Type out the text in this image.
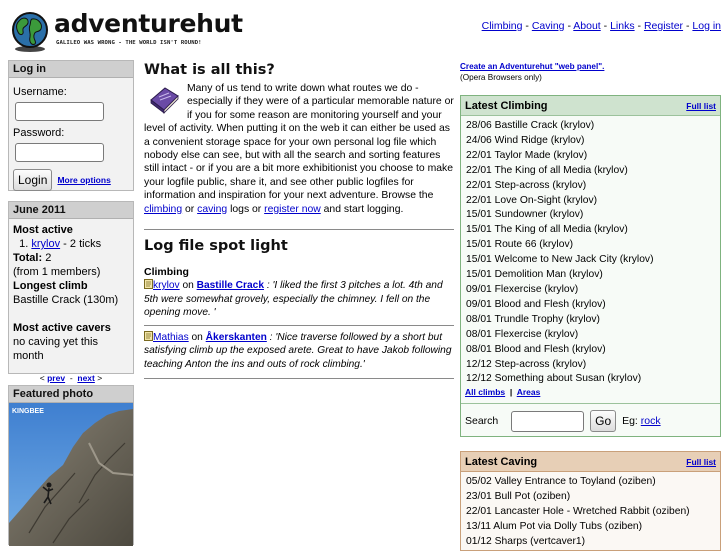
adventurehut
GALILEO WAS WRONG - THE WORLD ISN'T ROUND!
Climbing - Caving - About - Links - Register - Log in
Log in
Username:
Password:
Login More options
June 2011
Most active
1. krylov - 2 ticks
Total: 2
(from 1 members)
Longest climb
Bastille Crack (130m)
Most active cavers
no caving yet this month
< prev - next >
Featured photo
KINGBEE
What is all this?
Many of us tend to write down what routes we do - especially if they were of a particular memorable nature or if you for some reason are monitoring yourself and your level of activity. When putting it on the web it can either be used as a convenient storage space for your own personal log file which nobody else can see, but with all the search and sorting features still intact - or if you are a bit more exhibitionist you choose to make your logfile public, share it, and see other public logfiles for information and inspiration for your next adventure. Browse the climbing or caving logs or register now and start logging.
Log file spot light
Climbing
krylov on Bastille Crack : 'I liked the first 3 pitches a lot. 4th and 5th were somewhat grovely, especially the chimney. I fell on the opening move. '
Mathias on Åkerskanten : 'Nice traverse followed by a short but satisfying climb up the exposed arete. Great to have Jakob following teaching Anton the ins and outs of rock climbing.'
Create an Adventurehut "web panel".
(Opera Browsers only)
Latest Climbing	Full list
28/06 Bastille Crack (krylov)
24/06 Wind Ridge (krylov)
22/01 Taylor Made (krylov)
22/01 The King of all Media (krylov)
22/01 Step-across (krylov)
22/01 Love On-Sight (krylov)
15/01 Sundowner (krylov)
15/01 The King of all Media (krylov)
15/01 Route 66 (krylov)
15/01 Welcome to New Jack City (krylov)
15/01 Demolition Man (krylov)
09/01 Flexercise (krylov)
09/01 Blood and Flesh (krylov)
08/01 Trundle Trophy (krylov)
08/01 Flexercise (krylov)
08/01 Blood and Flesh (krylov)
12/12 Step-across (krylov)
12/12 Something about Susan (krylov)
All climbs | Areas
Search	Go Eg: rock
Latest Caving	Full list
05/02 Valley Entrance to Toyland (oziben)
23/01 Bull Pot (oziben)
22/01 Lancaster Hole - Wretched Rabbit (oziben)
13/11 Alum Pot via Dolly Tubs (oziben)
01/12 Sharps (vertcaver1)
